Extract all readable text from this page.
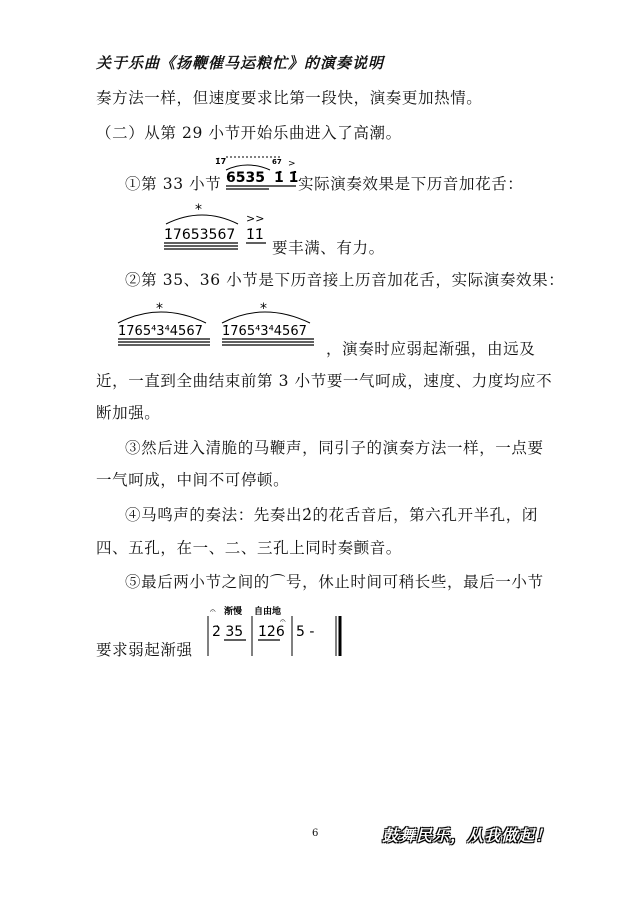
关于乐曲《扬鞭催马运粮忙》的演奏说明
奏方法一样，但速度要求比第一段快，演奏更加热情。
（二）从第 29 小节开始乐曲进入了高潮。
①第 33 小节
1̇7	67 >
6535 1̇ 1̇ 实际演奏效果是下历音加花舌：
*
>>
1̇7653567 1̇1̇
要丰满、有力。
②第 35、36 小节是下历音接上历音加花舌，实际演奏效果：
*
1̇765⁴3⁴4567
*
1̇765⁴3⁴4567
，演奏时应弱起渐强，由远及
近，一直到全曲结束前第 3 小节要一气呵成，速度、力度均应不
断加强。
③然后进入清脆的马鞭声，同引子的演奏方法一样，一点要
一气呵成，中间不可停顿。
④马鸣声的奏法：先奏出2̇的花舌音后，第六孔开半孔，闭
四、五孔，在一、二、三孔上同时奏颤音。
⑤最后两小节之间的⌒号，休止时间可稍长些，最后一小节
要求弱起渐强
𝄐 渐慢 自由地
2̇ 35 1̇2̇6
𝄐
5 -
6	鼓舞民乐，从我做起！
